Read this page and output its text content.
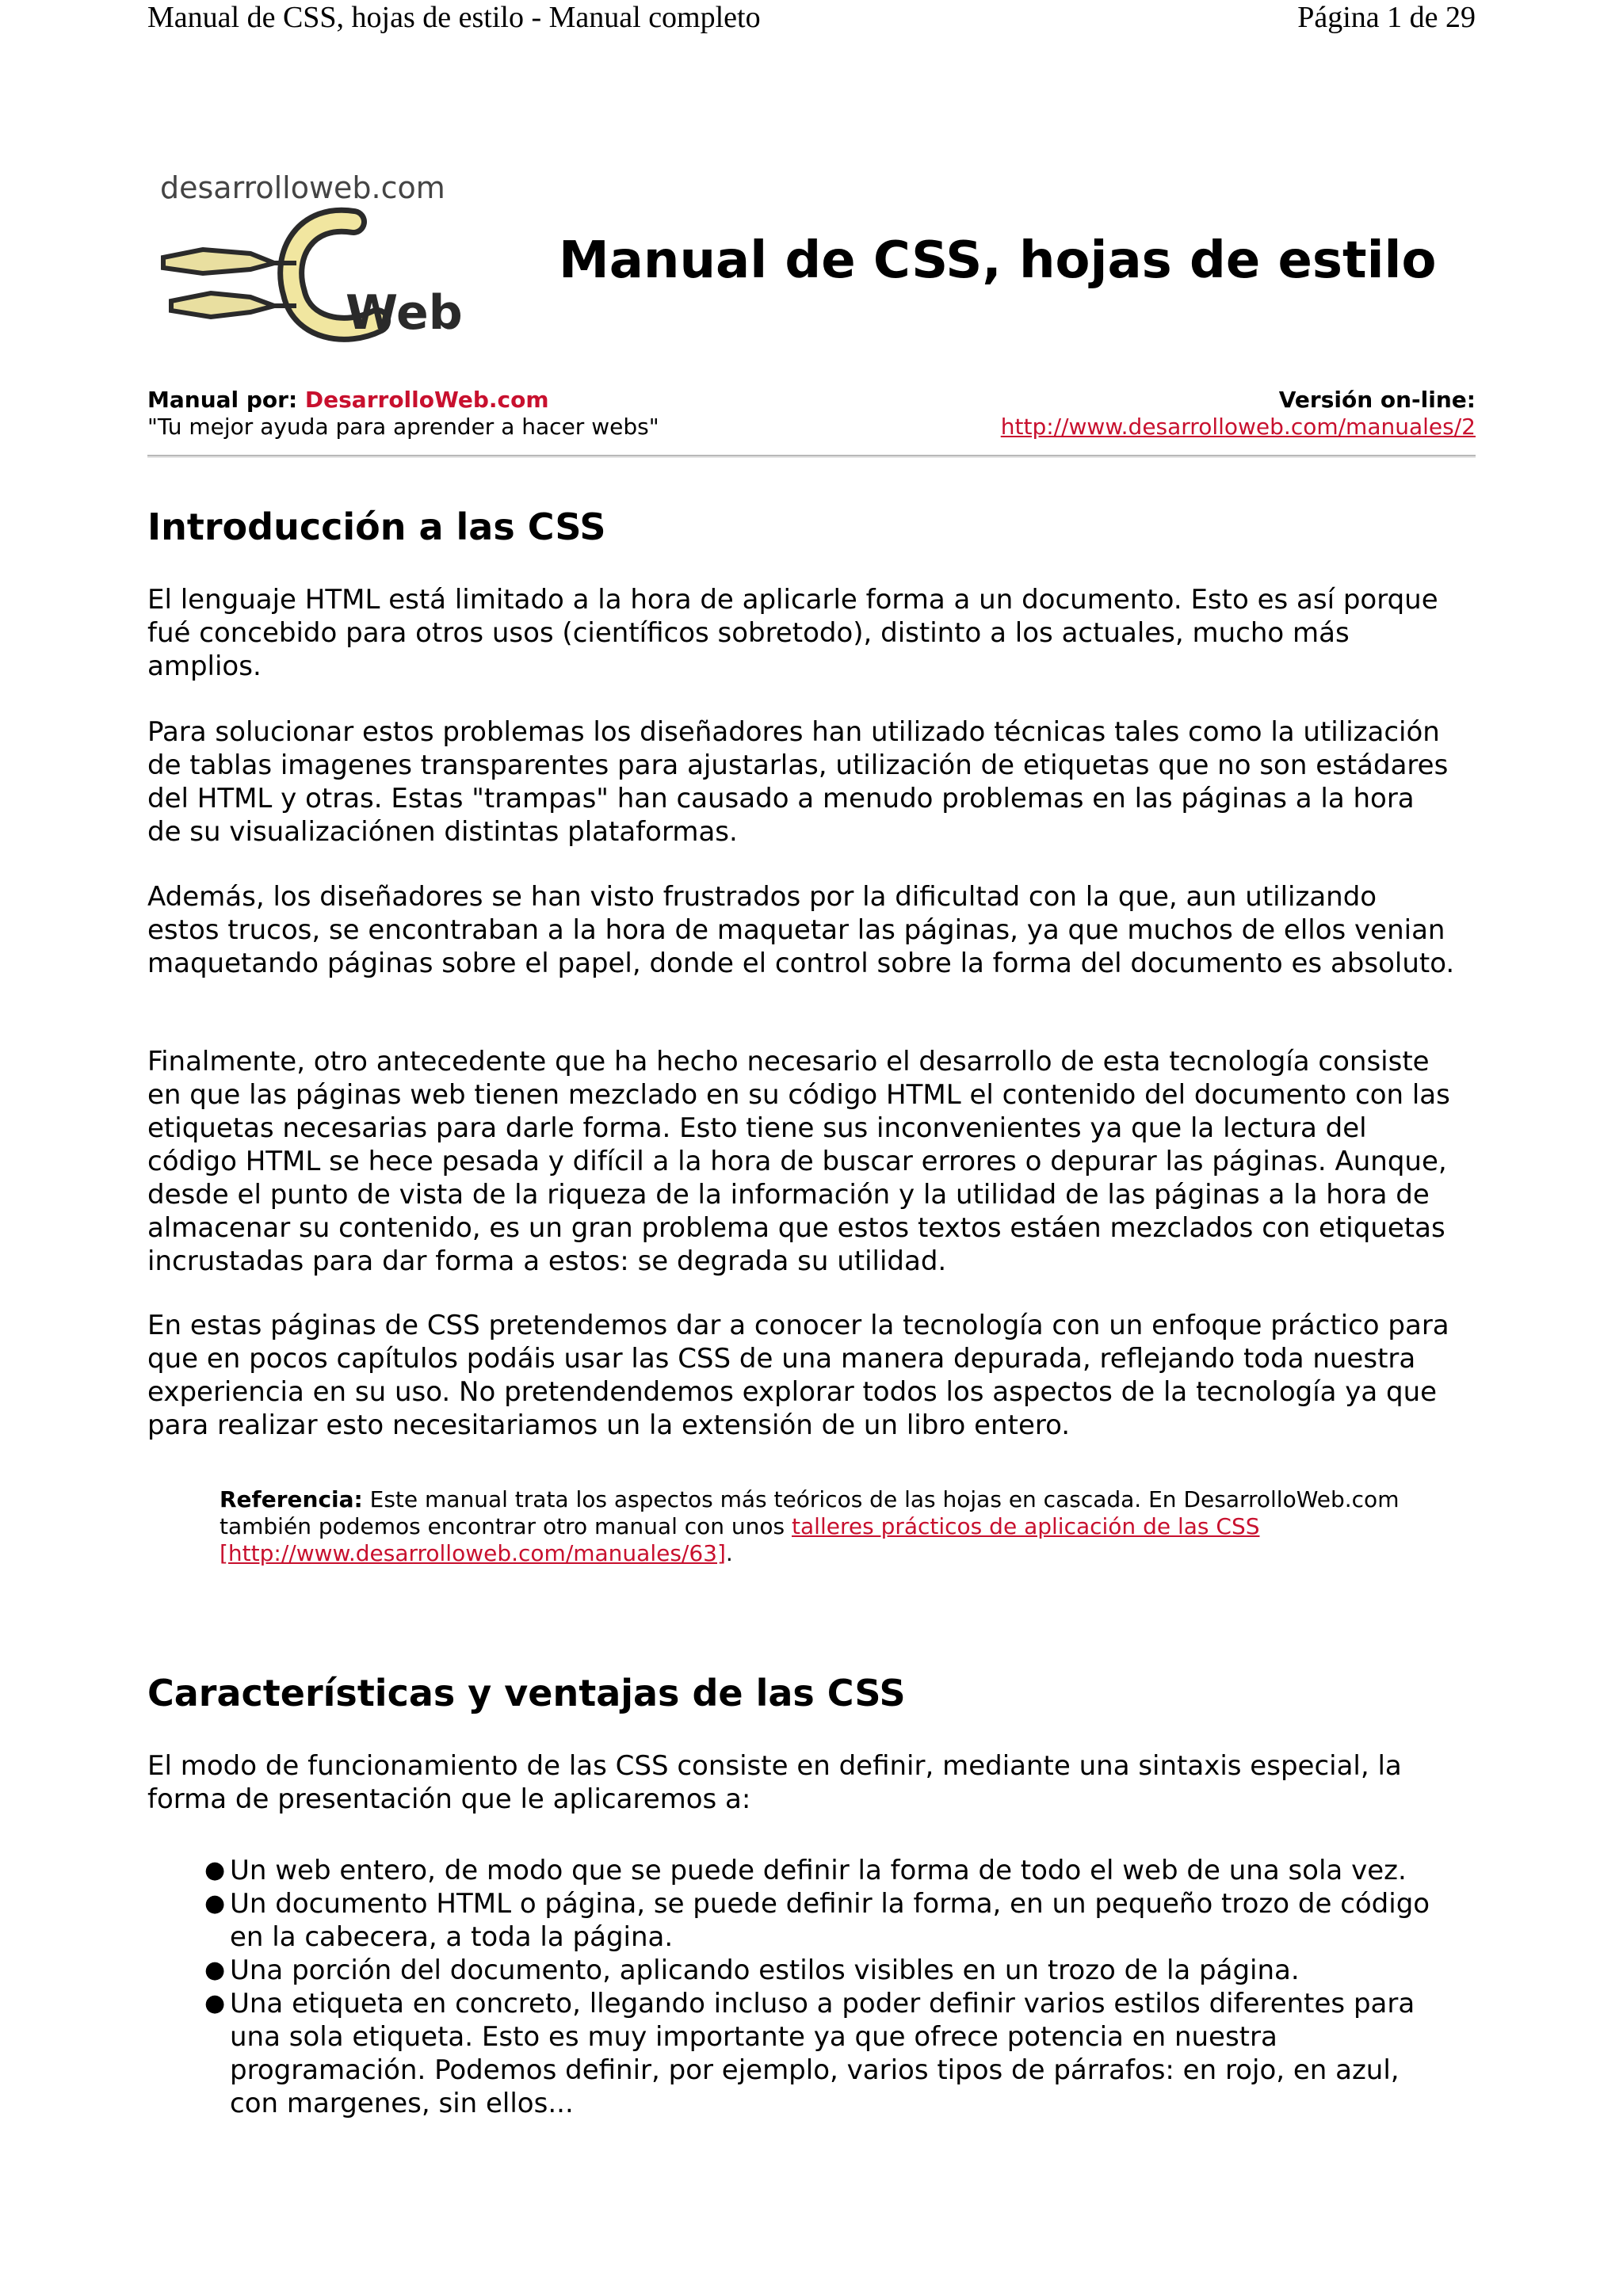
Manual de CSS, hojas de estilo - Manual completo	Página 1 de 29
desarrolloweb.com
Web
Manual de CSS, hojas de estilo
Manual por: DesarrolloWeb.com
"Tu mejor ayuda para aprender a hacer webs"
Versión on-line:
http://www.desarrolloweb.com/manuales/2
Introducción a las CSS
El lenguaje HTML está limitado a la hora de aplicarle forma a un documento. Esto es así porque
fué concebido para otros usos (científicos sobretodo), distinto a los actuales, mucho más
amplios.
Para solucionar estos problemas los diseñadores han utilizado técnicas tales como la utilización
de tablas imagenes transparentes para ajustarlas, utilización de etiquetas que no son estádares
del HTML y otras. Estas "trampas" han causado a menudo problemas en las páginas a la hora
de su visualizaciónen distintas plataformas.
Además, los diseñadores se han visto frustrados por la dificultad con la que, aun utilizando
estos trucos, se encontraban a la hora de maquetar las páginas, ya que muchos de ellos venian
maquetando páginas sobre el papel, donde el control sobre la forma del documento es absoluto.
Finalmente, otro antecedente que ha hecho necesario el desarrollo de esta tecnología consiste
en que las páginas web tienen mezclado en su código HTML el contenido del documento con las
etiquetas necesarias para darle forma. Esto tiene sus inconvenientes ya que la lectura del
código HTML se hece pesada y difícil a la hora de buscar errores o depurar las páginas. Aunque,
desde el punto de vista de la riqueza de la información y la utilidad de las páginas a la hora de
almacenar su contenido, es un gran problema que estos textos estáen mezclados con etiquetas
incrustadas para dar forma a estos: se degrada su utilidad.
En estas páginas de CSS pretendemos dar a conocer la tecnología con un enfoque práctico para
que en pocos capítulos podáis usar las CSS de una manera depurada, reflejando toda nuestra
experiencia en su uso. No pretendendemos explorar todos los aspectos de la tecnología ya que
para realizar esto necesitariamos un la extensión de un libro entero.
Referencia: Este manual trata los aspectos más teóricos de las hojas en cascada. En DesarrolloWeb.com
también podemos encontrar otro manual con unos talleres prácticos de aplicación de las CSS
[http://www.desarrolloweb.com/manuales/63].
Características y ventajas de las CSS
El modo de funcionamiento de las CSS consiste en definir, mediante una sintaxis especial, la
forma de presentación que le aplicaremos a:
● Un web entero, de modo que se puede definir la forma de todo el web de una sola vez.
● Un documento HTML o página, se puede definir la forma, en un pequeño trozo de código
en la cabecera, a toda la página.
● Una porción del documento, aplicando estilos visibles en un trozo de la página.
● Una etiqueta en concreto, llegando incluso a poder definir varios estilos diferentes para
una sola etiqueta. Esto es muy importante ya que ofrece potencia en nuestra
programación. Podemos definir, por ejemplo, varios tipos de párrafos: en rojo, en azul,
con margenes, sin ellos...
